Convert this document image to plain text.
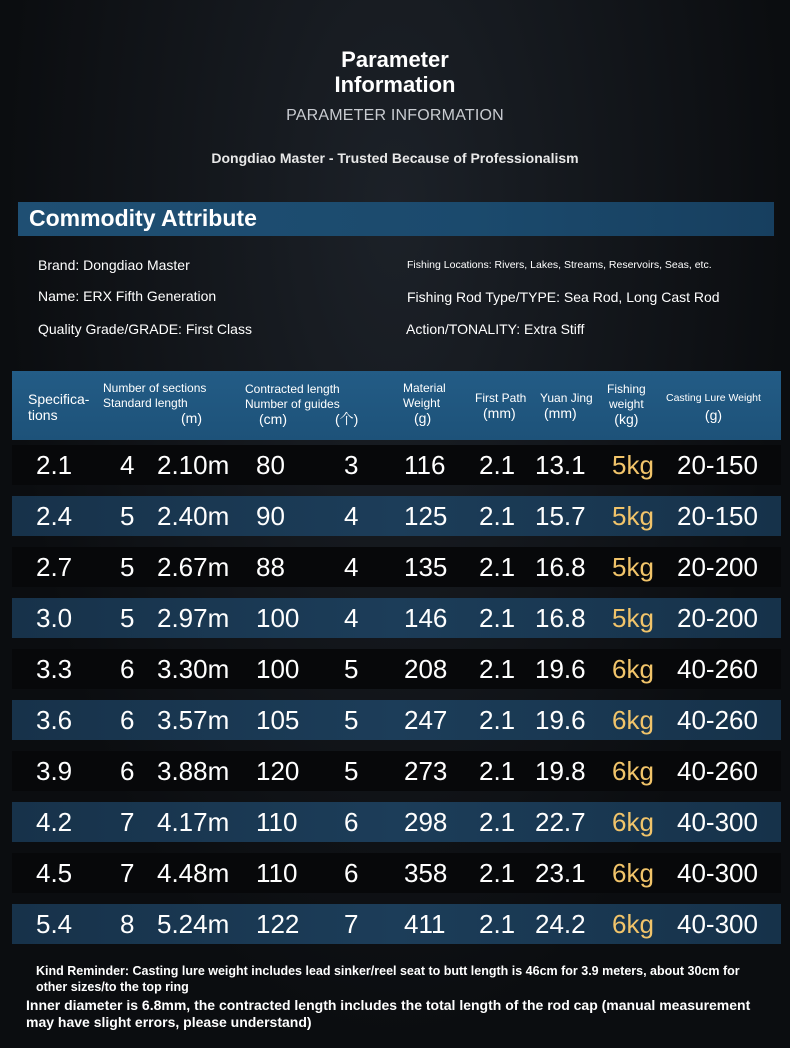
Parameter
Information
PARAMETER INFORMATION
Dongdiao Master - Trusted Because of Professionalism
Commodity Attribute
Brand: Dongdiao Master
Name: ERX Fifth Generation
Quality Grade/GRADE: First Class
Fishing Locations: Rivers, Lakes, Streams, Reservoirs, Seas, etc.
Fishing Rod Type/TYPE: Sea Rod, Long Cast Rod
Action/TONALITY: Extra Stiff
Specifica-
tions
Number of sections
Standard length
(m)
Contracted length
Number of guides
(cm)	(个)
Material
Weight
(g)
First Path
(mm)
Yuan Jing
(mm)
Fishing
weight
(kg)
Casting Lure Weight
(g)
2.1 4 2.10m 80 3 116 2.1 13.1 5kg 20-150
2.4 5 2.40m 90 4 125 2.1 15.7 5kg 20-150
2.7 5 2.67m 88 4 135 2.1 16.8 5kg 20-200
3.0 5 2.97m 100 4 146 2.1 16.8 5kg 20-200
3.3 6 3.30m 100 5 208 2.1 19.6 6kg 40-260
3.6 6 3.57m 105 5 247 2.1 19.6 6kg 40-260
3.9 6 3.88m 120 5 273 2.1 19.8 6kg 40-260
4.2 7 4.17m 110 6 298 2.1 22.7 6kg 40-300
4.5 7 4.48m 110 6 358 2.1 23.1 6kg 40-300
5.4 8 5.24m 122 7 411 2.1 24.2 6kg 40-300
Kind Reminder: Casting lure weight includes lead sinker/reel seat to butt length is 46cm for 3.9 meters, about 30cm for
other sizes/to the top ring
Inner diameter is 6.8mm, the contracted length includes the total length of the rod cap (manual measurement
may have slight errors, please understand)
